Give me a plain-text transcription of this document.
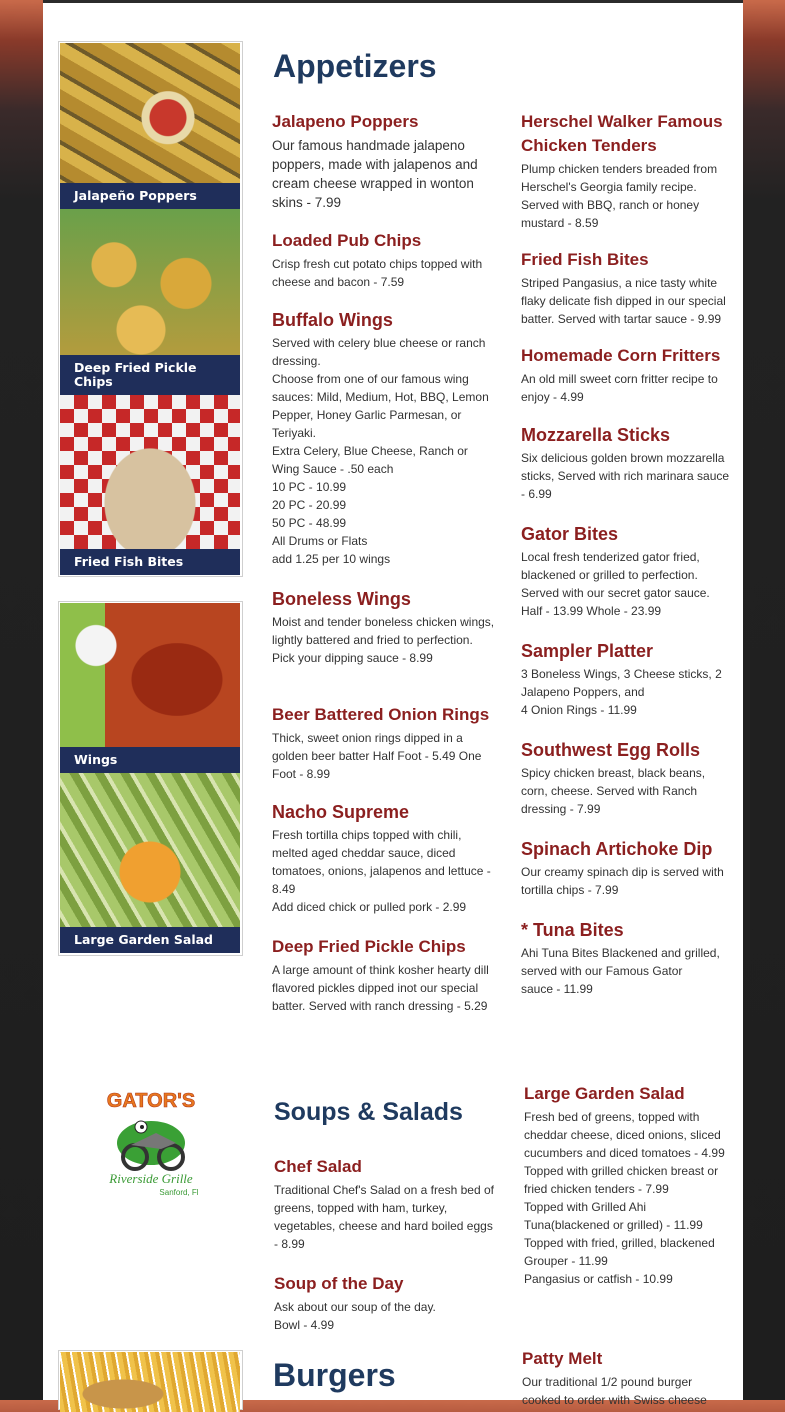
Jalapeño Poppers
Deep Fried Pickle Chips
Fried Fish Bites
Wings
Large Garden Salad
Appetizers

Jalapeno Poppers

Our famous handmade jalapeno poppers, made with jalapenos and cream cheese wrapped in wonton skins - 7.99

Loaded Pub Chips

Crisp fresh cut potato chips topped with cheese and bacon - 7.59

Buffalo Wings

Served with celery blue cheese or ranch dressing.
Choose from one of our famous wing sauces: Mild, Medium, Hot, BBQ, Lemon Pepper, Honey Garlic Parmesan, or Teriyaki.
Extra Celery, Blue Cheese, Ranch or Wing Sauce - .50 each
10 PC - 10.99
20 PC - 20.99
50 PC - 48.99
All Drums or Flats
add 1.25 per 10 wings

Boneless Wings

Moist and tender boneless chicken wings, lightly battered and fried to perfection.
Pick your dipping sauce - 8.99

Beer Battered Onion Rings

Thick, sweet onion rings dipped in a golden beer batter Half Foot - 5.49 One Foot - 8.99

Nacho Supreme

Fresh tortilla chips topped with chili, melted aged cheddar sauce, diced tomatoes, onions, jalapenos and lettuce - 8.49
Add diced chick or pulled pork - 2.99

Deep Fried Pickle Chips

A large amount of think kosher hearty dill flavored pickles dipped inot our special batter. Served with ranch dressing - 5.29

Herschel Walker Famous Chicken Tenders

Plump chicken tenders breaded from Herschel's Georgia family recipe. Served with BBQ, ranch or honey mustard - 8.59

Fried Fish Bites

Striped Pangasius, a nice tasty white flaky delicate fish dipped in our special batter. Served with tartar sauce - 9.99

Homemade Corn Fritters

An old mill sweet corn fritter recipe to enjoy - 4.99

Mozzarella Sticks

Six delicious golden brown mozzarella sticks, Served with rich marinara sauce - 6.99

Gator Bites

Local fresh tenderized gator fried, blackened or grilled to perfection. Served with our secret gator sauce.
Half - 13.99 Whole - 23.99

Sampler Platter

3 Boneless Wings, 3 Cheese sticks, 2 Jalapeno Poppers, and
4 Onion Rings - 11.99

Southwest Egg Rolls

Spicy chicken breast, black beans, corn, cheese. Served with Ranch dressing - 7.99

Spinach Artichoke Dip

Our creamy spinach dip is served with tortilla chips - 7.99

* Tuna Bites

Ahi Tuna Bites Blackened and grilled, served with our Famous Gator
sauce - 11.99

GATOR'S
Riverside Grille
Sanford, Fl
Soups & Salads

Chef Salad

Traditional Chef's Salad on a fresh bed of greens, topped with ham, turkey, vegetables, cheese and hard boiled eggs - 8.99

Soup of the Day

Ask about our soup of the day.
Bowl - 4.99

Large Garden Salad

Fresh bed of greens, topped with cheddar cheese, diced onions, sliced cucumbers and diced tomatoes - 4.99
Topped with grilled chicken breast or fried chicken tenders - 7.99
Topped with Grilled Ahi Tuna(blackened or grilled) - 11.99
Topped with fried, grilled, blackened Grouper - 11.99
Pangasius or catfish - 10.99

Burgers	Patty Melt

Our traditional 1/2 pound burger cooked to order with Swiss cheese
